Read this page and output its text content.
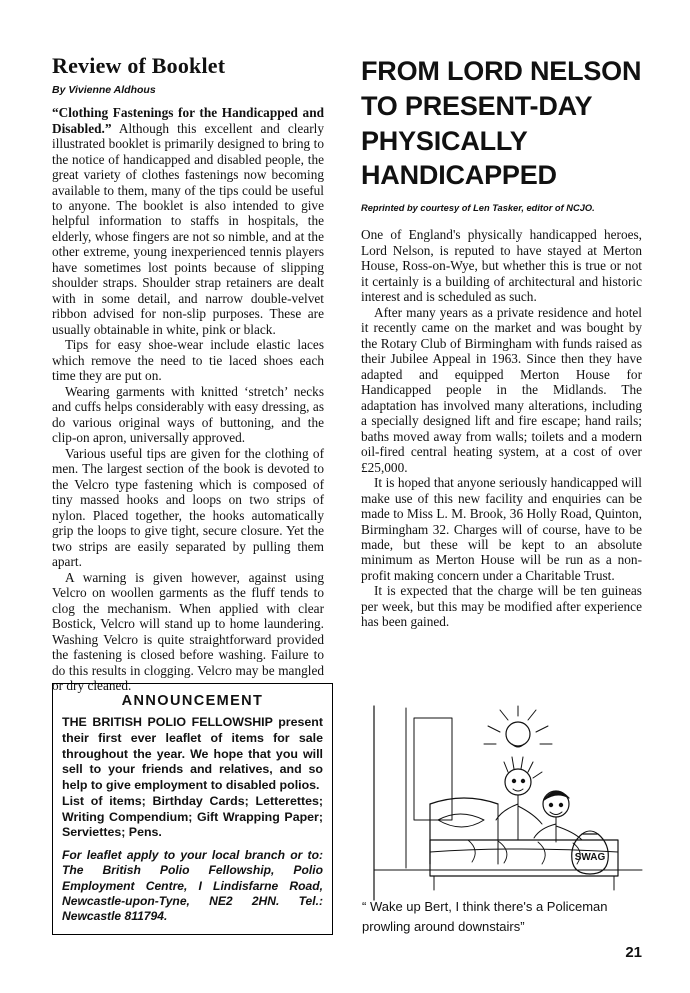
Review of Booklet
By Vivienne Aldhous

“Clothing Fastenings for the Handicapped and Disabled.” Although this excellent and clearly illustrated booklet is primarily designed to bring to the notice of handicapped and disabled people, the great variety of clothes fastenings now becoming available to them, many of the tips could be useful to anyone. The booklet is also intended to give helpful information to staffs in hospitals, the elderly, whose fingers are not so nimble, and at the other extreme, young inexperienced tennis players have sometimes lost points because of slipping shoulder straps. Shoulder strap retainers are dealt with in some detail, and narrow double-velvet ribbon advised for non-slip purposes. These are usually obtainable in white, pink or black.

Tips for easy shoe-wear include elastic laces which remove the need to tie laced shoes each time they are put on.

Wearing garments with knitted ‘stretch’ necks and cuffs helps considerably with easy dressing, as do various original ways of buttoning, and the clip-on apron, universally approved.

Various useful tips are given for the clothing of men. The largest section of the book is devoted to the Velcro type fastening which is composed of tiny massed hooks and loops on two strips of nylon. Placed together, the hooks automatically grip the loops to give tight, secure closure. Yet the two strips are easily separated by pulling them apart.

A warning is given however, against using Velcro on woollen garments as the fluff tends to clog the mechanism. When applied with clear Bostick, Velcro will stand up to home laundering. Washing Velcro is quite straightforward provided the fastening is closed before washing. Failure to do this results in clogging. Velcro may be mangled or dry cleaned.

ANNOUNCEMENT

THE BRITISH POLIO FELLOWSHIP present their first ever leaflet of items for sale throughout the year. We hope that you will sell to your friends and relatives, and so help to give employment to disabled polios.

List of items; Birthday Cards; Letterettes; Writing Compendium; Gift Wrapping Paper; Serviettes; Pens.

For leaflet apply to your local branch or to: The British Polio Fellowship, Polio Employment Centre, I Lindisfarne Road, Newcastle-upon-Tyne, NE2 2HN. Tel.: Newcastle 811794.

FROM LORD NELSON TO PRESENT-DAY PHYSICALLY HANDICAPPED
Reprinted by courtesy of Len Tasker, editor of NCJO.

One of England's physically handicapped heroes, Lord Nelson, is reputed to have stayed at Merton House, Ross-on-Wye, but whether this is true or not it certainly is a building of architectural and historic interest and is scheduled as such.

After many years as a private residence and hotel it recently came on the market and was bought by the Rotary Club of Birmingham with funds raised as their Jubilee Appeal in 1963. Since then they have adapted and equipped Merton House for Handicapped people in the Midlands. The adaptation has involved many alterations, including a specially designed lift and fire escape; hand rails; baths moved away from walls; toilets and a modern oil-fired central heating system, at a cost of over £25,000.

It is hoped that anyone seriously handicapped will make use of this new facility and enquiries can be made to Miss L. M. Brook, 36 Holly Road, Quinton, Birmingham 32. Charges will of course, have to be made, but these will be kept to an absolute minimum as Merton House will be run as a non-profit making concern under a Charitable Trust.

It is expected that the charge will be ten guineas per week, but this may be modified after experience has been gained.

SWAG
“ Wake up Bert, I think there's a Policeman
prowling around downstairs”
21
